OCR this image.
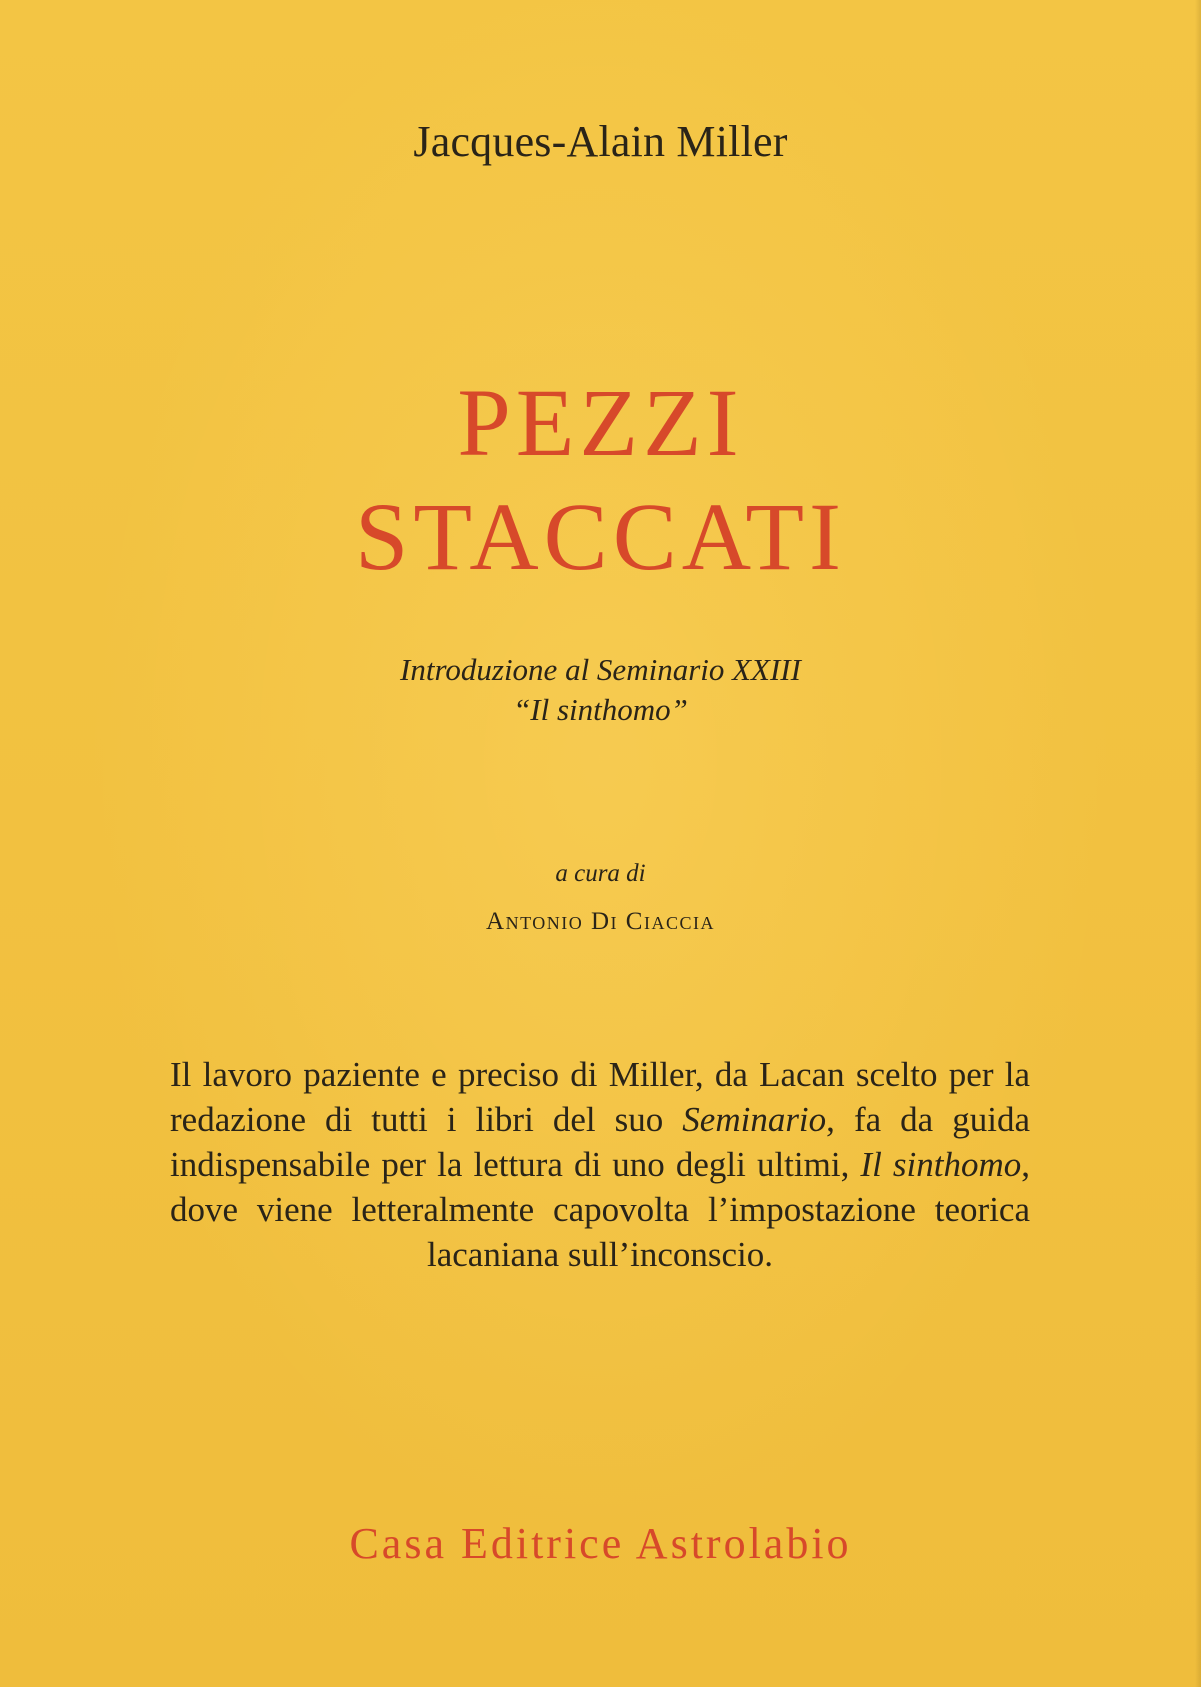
Jacques-Alain Miller
PEZZI
STACCATI
Introduzione al Seminario XXIII
“Il sinthomo”
a cura di
Antonio Di Ciaccia

Il lavoro paziente e preciso di Miller, da Lacan scelto per la redazione di tutti i libri del suo Seminario, fa da guida indispensabile per la lettura di uno degli ultimi, Il sinthomo, dove viene letteralmente capovolta l’impostazione teorica lacaniana sull’inconscio.

Casa Editrice Astrolabio
